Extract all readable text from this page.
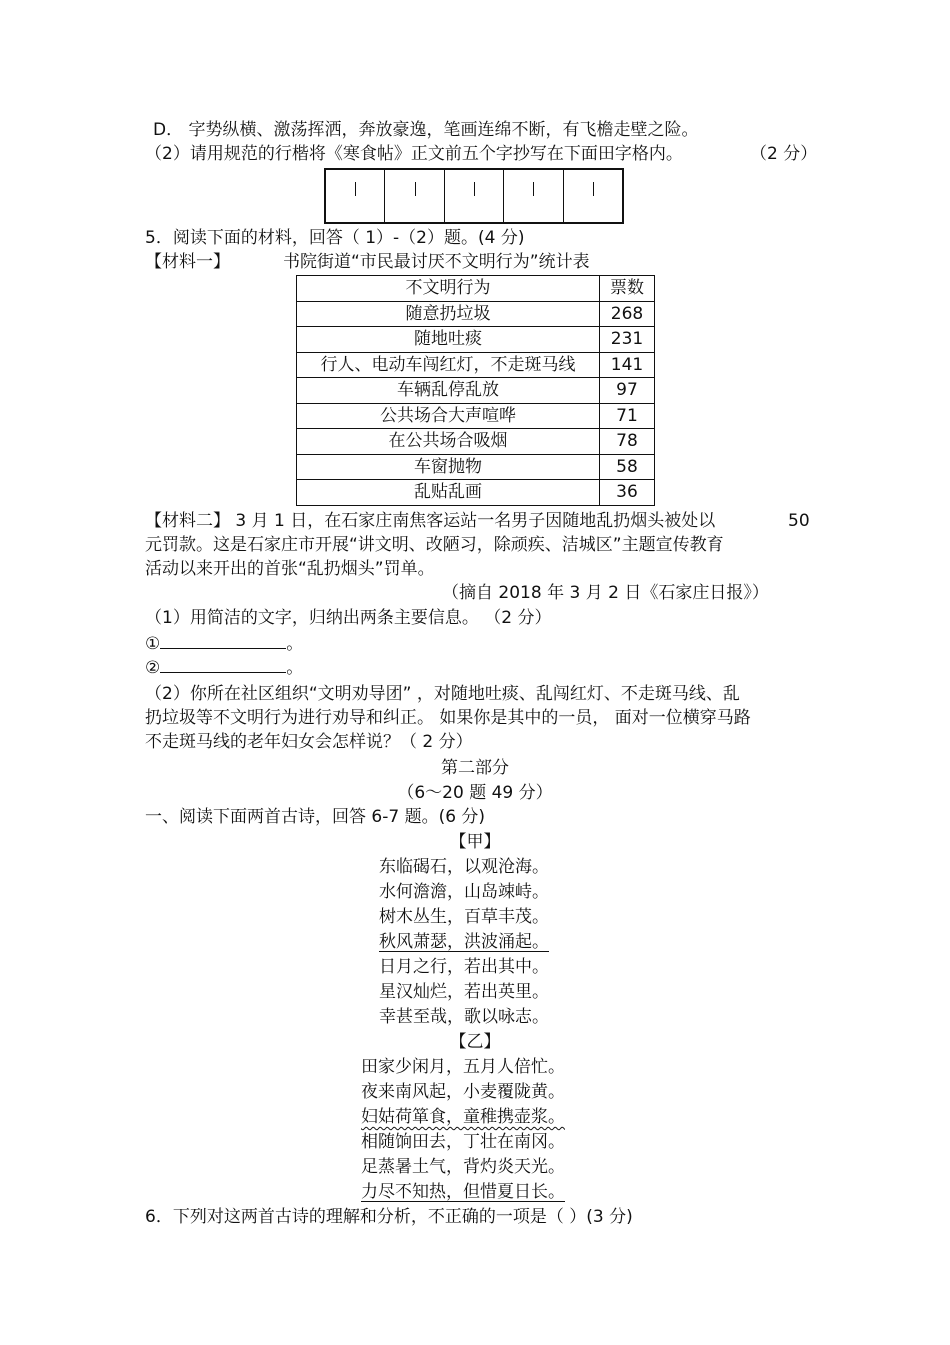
D． 字势纵横、激荡挥洒，奔放豪逸，笔画连绵不断，有飞檐走壁之险。
（2）请用规范的行楷将《寒食帖》正文前五个字抄写在下面田字格内。	（2 分）
5．阅读下面的材料，回答（ 1）-（2）题。(4 分)
【材料一】	书院街道“市民最讨厌不文明行为”统计表
不文明行为	票数
随意扔垃圾	268
随地吐痰	231
行人、电动车闯红灯，不走斑马线	141
车辆乱停乱放	97
公共场合大声喧哗	71
在公共场合吸烟	78
车窗抛物	58
乱贴乱画	36
【材料二】 3 月 1 日，在石家庄南焦客运站一名男子因随地乱扔烟头被处以	50
元罚款。这是石家庄市开展“讲文明、改陋习，除顽疾、洁城区”主题宣传教育
活动以来开出的首张“乱扔烟头”罚单。
（摘自 2018 年 3 月 2 日《石家庄日报》）
（1）用简洁的文字，归纳出两条主要信息。 （2 分）
①	。
②	。
（2）你所在社区组织“文明劝导团” ，对随地吐痰、乱闯红灯、不走斑马线、乱
扔垃圾等不文明行为进行劝导和纠正。 如果你是其中的一员， 面对一位横穿马路
不走斑马线的老年妇女会怎样说？（ 2 分）
第二部分
（6～20 题 49 分）
一、阅读下面两首古诗，回答 6-7 题。(6 分)
【甲】
东临碣石，以观沧海。
水何澹澹，山岛竦峙。
树木丛生，百草丰茂。
秋风萧瑟，洪波涌起。
日月之行，若出其中。
星汉灿烂，若出英里。
幸甚至哉，歌以咏志。
【乙】
田家少闲月，五月人倍忙。
夜来南风起，小麦覆陇黄。
妇姑荷箪食，童稚携壶浆。
相随饷田去，丁壮在南冈。
足蒸暑土气，背灼炎天光。
力尽不知热，但惜夏日长。
6．下列对这两首古诗的理解和分析，不正确的一项是（ ）(3 分)
